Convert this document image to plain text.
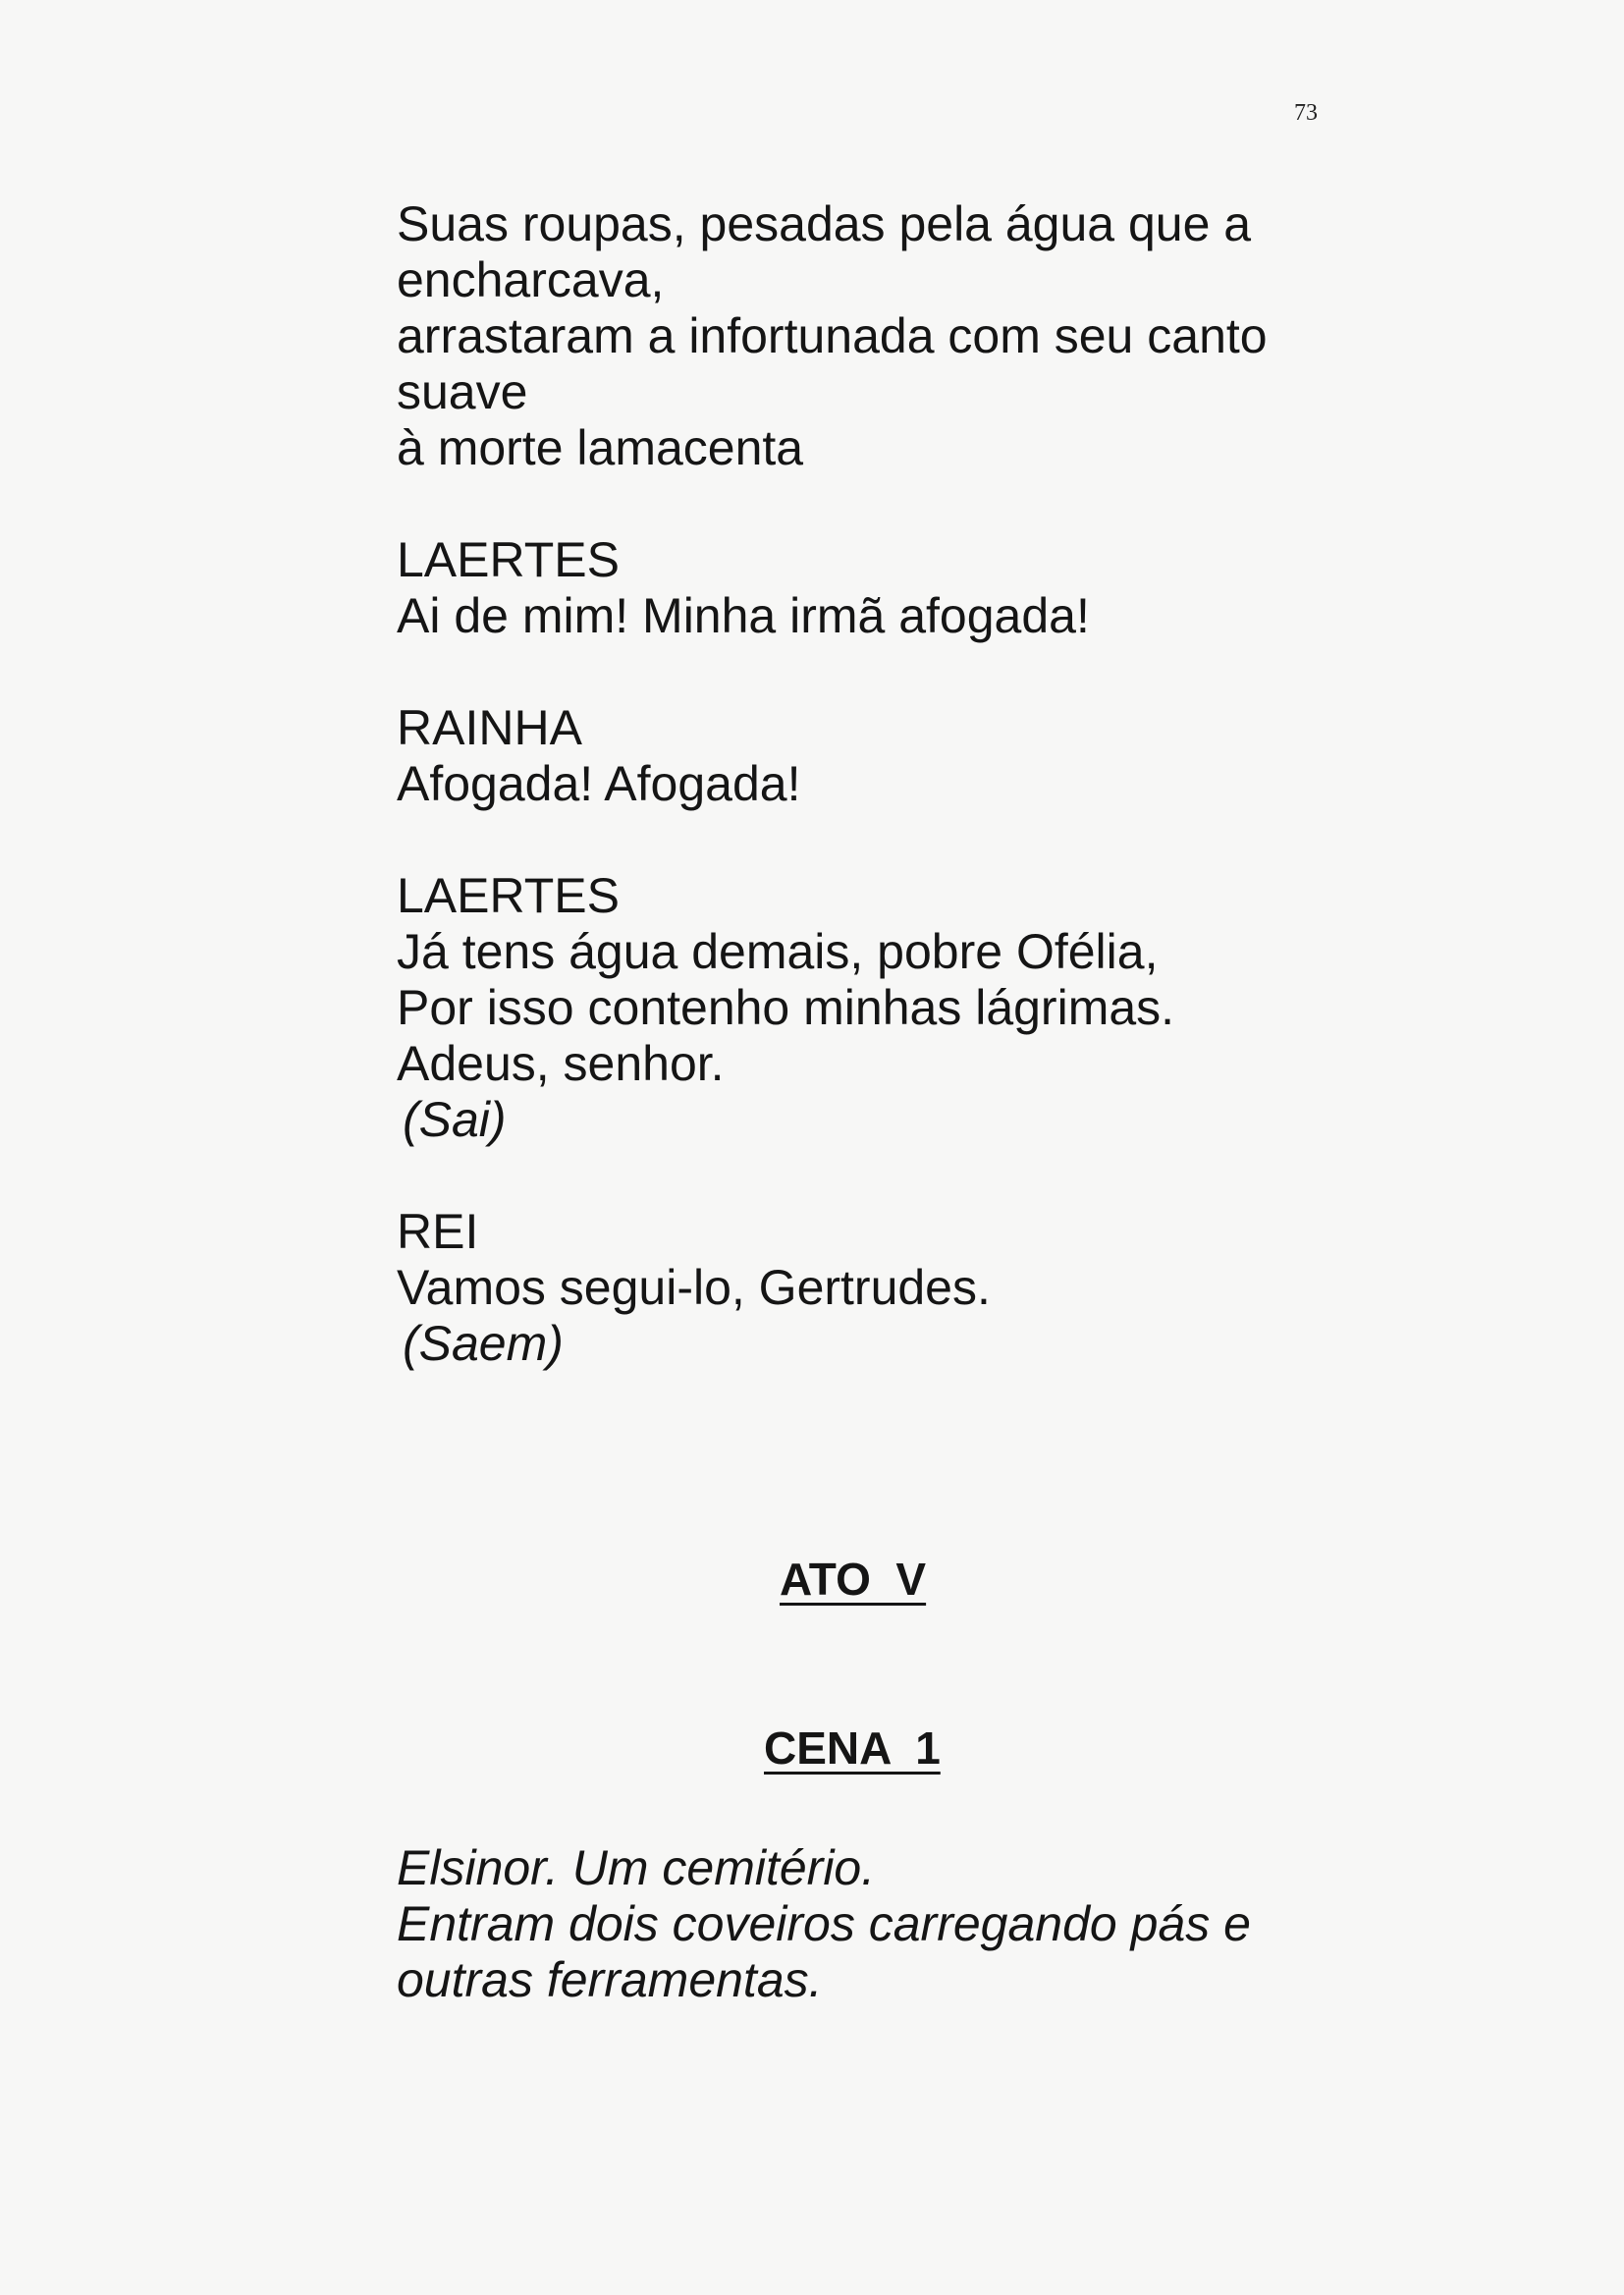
73
Suas roupas, pesadas pela água que a
encharcava,
arrastaram a infortunada com seu canto
suave
à morte lamacenta
LAERTES
Ai de mim! Minha irmã afogada!
RAINHA
Afogada! Afogada!
LAERTES
Já tens água demais, pobre Ofélia,
Por isso contenho minhas lágrimas.
Adeus, senhor.
(Sai)
REI
Vamos segui-lo, Gertrudes.
(Saem)
ATO  V
CENA  1
Elsinor. Um cemitério.
Entram dois coveiros carregando pás e
outras ferramentas.
